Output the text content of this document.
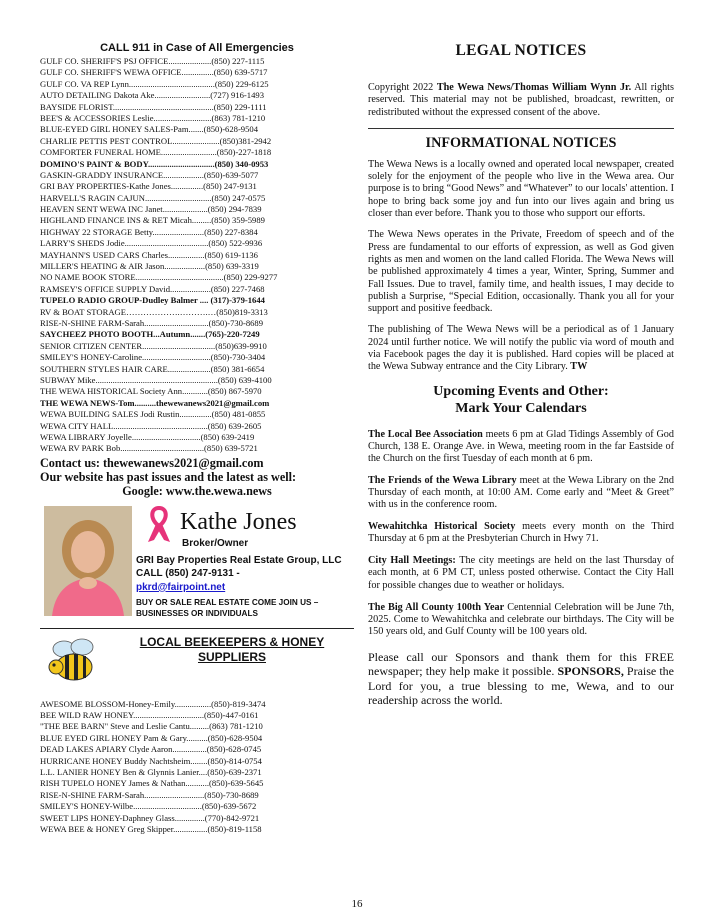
CALL 911 in Case of All Emergencies
GULF CO. SHERIFF'S PSJ OFFICE....................(850) 227-1115
GULF CO. SHERIFF'S WEWA OFFICE...............(850) 639-5717
GULF CO. VA REP Lynn........................................(850) 229-6125
AUTO DETAILING Dakota Ake..........................(727) 916-1493
BAYSIDE FLORIST...............................................(850) 229-1111
BEE'S & ACCESSORIES Leslie...........................(863) 781-1210
BLUE-EYED GIRL HONEY SALES-Pam.......(850)-628-9504
CHARLIE PETTIS PEST CONTROL......................(850)381-2942
COMFORTER FUNERAL HOME..........................(850)-227-1818
DOMINO'S PAINT & BODY...............................(850) 340-0953
GASKIN-GRADDY INSURANCE...................(850)-639-5077
GRI BAY PROPERTIES-Kathe Jones...............(850) 247-9131
HARVELL'S RAGIN CAJUN...............................(850) 247-0575
HEAVEN SENT WEWA INC Janet.....................(850) 294-7839
HIGHLAND FINANCE INS & RET Micah.........(850) 359-5989
HIGHWAY 22 STORAGE Betty........................(850) 227-8384
LARRY'S SHEDS Jodie.......................................(850) 522-9936
MAYHANN'S USED CARS Charles.................(850) 619-1136
MILLER'S HEATING & AIR Jason...................(850) 639-3319
NO NAME BOOK STORE.........................................(850) 229-9277
RAMSEY'S OFFICE SUPPLY David...................(850) 227-7468
TUPELO RADIO GROUP-Dudley Balmer .... (317)-379-1644
RV & BOAT STORAGE……………….……….…(850)819-3313
RISE-N-SHINE FARM-Sarah..............................(850)-730-8689
SAYCHEEZ PHOTO BOOTH...Autumn.......(765)-220-7249
SENIOR CITIZEN CENTER..................................(850)639-9910
SMILEY'S HONEY-Caroline................................(850)-730-3404
SOUTHERN STYLES HAIR CARE....................(850) 381-6654
SUBWAY Mike.........................................................(850) 639-4100
THE WEWA HISTORICAL Society Ann............(850) 867-5970
THE WEWA NEWS-Tom..........thewewanews2021@gmail.com
WEWA BUILDING SALES Jodi Rustin...............(850) 481-0855
WEWA CITY HALL............................................(850) 639-2605
WEWA LIBRARY Joyelle................................(850) 639-2419
WEWA RV PARK Bob.......................................(850) 639-5721
Contact us: thewewanews2021@gmail.com
Our website has past issues and the latest as well:
Google: www.the.wewa.news
Kathe Jones
Broker/Owner
GRI Bay Properties Real Estate Group, LLC CALL (850) 247-9131 -
pkrd@fairpoint.net
BUY OR SALE REAL ESTATE COME JOIN US – BUSINESSES OR INDIVIDUALS
LOCAL BEEKEEPERS & HONEY
SUPPLIERS
AWESOME BLOSSOM-Honey-Emily.................(850)-819-3474
BEE WILD RAW HONEY.................................(850)-447-0161
"THE BEE BARN" Steve and Leslie Cantu.........(863) 781-1210
BLUE EYED GIRL HONEY Pam & Gary..........(850)-628-9504
DEAD LAKES APIARY Clyde Aaron................(850)-628-0745
HURRICANE HONEY Buddy Nachtsheim........(850)-814-0754
L.L. LANIER HONEY Ben & Glynnis Lanier....(850)-639-2371
RISH TUPELO HONEY James & Nathan...........(850)-639-5645
RISE-N-SHINE FARM-Sarah............................(850)-730-8689
SMILEY'S HONEY-Wilbe................................(850)-639-5672
SWEET LIPS HONEY-Daphney Glass..............(770)-842-9721
WEWA BEE & HONEY Greg Skipper................(850)-819-1158
LEGAL NOTICES

Copyright 2022 The Wewa News/Thomas William Wynn Jr. All rights reserved. This material may not be published, broadcast, rewritten, or redistributed without the expressed consent of the above.

INFORMATIONAL NOTICES

The Wewa News is a locally owned and operated local newspaper, created solely for the enjoyment of the people who live in the Wewa area. Our purpose is to bring “Good News” and “Whatever” to our locals' attention. I hope to bring back some joy and fun into our lives again and bring us closer than ever before. Thank you to those who support our efforts.

The Wewa News operates in the Private, Freedom of speech and of the Press are fundamental to our efforts of expression, as well as God given rights as men and women on the land called Florida. The Wewa News will be published approximately 4 times a year, Winter, Spring, Summer and Fall Issues. Due to travel, family time, and health issues, I may decide to publish a Surprise, “Special Edition, occasionally. Thank you all for your support and positive feedback.

The publishing of The Wewa News will be a periodical as of 1 January 2024 until further notice. We will notify the public via word of mouth and via Facebook pages the day it is published. Hard copies will be placed at the Wewa Subway entrance and the City Library. TW

Upcoming Events and Other:
Mark Your Calendars

The Local Bee Association meets 6 pm at Glad Tidings Assembly of God Church, 138 E. Orange Ave. in Wewa, meeting room in the far Eastside of the Church on the first Tuesday of each month at 6 pm.

The Friends of the Wewa Library meet at the Wewa Library on the 2nd Thursday of each month, at 10:00 AM. Come early and “Meet & Greet” with us in the conference room.

Wewahitchka Historical Society meets every month on the Third Thursday at 6 pm at the Presbyterian Church in Hwy 71.

City Hall Meetings: The city meetings are held on the last Thursday of each month, at 6 PM CT, unless posted otherwise. Contact the City Hall for possible changes due to weather or holidays.

The Big All County 100th Year Centennial Celebration will be June 7th, 2025. Come to Wewahitchka and celebrate our birthdays. The City will be 150 years old, and Gulf County will be 100 years old.

Please call our Sponsors and thank them for this FREE newspaper; they help make it possible. SPONSORS, Praise the Lord for you, a true blessing to me, Wewa, and to our readership across the world.

16
